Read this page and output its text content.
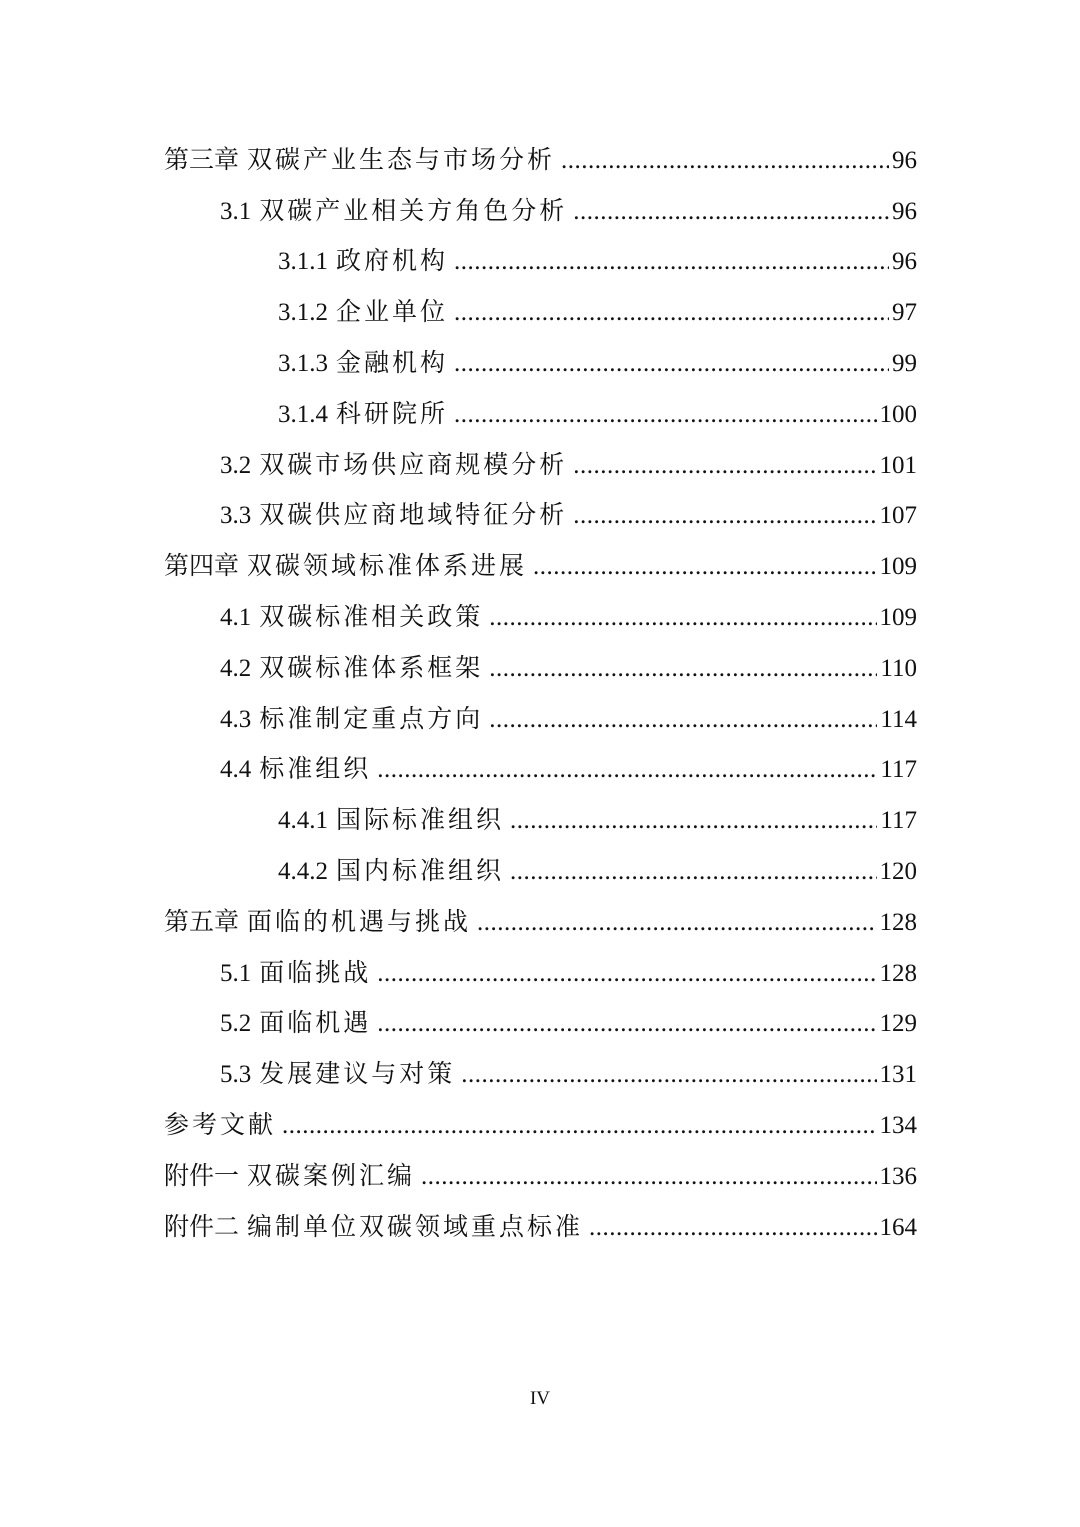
第三章 双碳产业生态与市场分析 .....	96
3.1 双碳产业相关方角色分析 .....	96
3.1.1 政府机构 .....	96
3.1.2 企业单位 .....	97
3.1.3 金融机构 .....	99
3.1.4 科研院所 .....	100
3.2 双碳市场供应商规模分析 .....	101
3.3 双碳供应商地域特征分析 .....	107
第四章 双碳领域标准体系进展 .....	109
4.1 双碳标准相关政策 .....	109
4.2 双碳标准体系框架 .....	110
4.3 标准制定重点方向 .....	114
4.4 标准组织 .....	117
4.4.1 国际标准组织 .....	117
4.4.2 国内标准组织 .....	120
第五章 面临的机遇与挑战 .....	128
5.1 面临挑战 .....	128
5.2 面临机遇 .....	129
5.3 发展建议与对策 .....	131
参考文献 .....	134
附件一 双碳案例汇编 .....	136
附件二 编制单位双碳领域重点标准 .....	164
IV
